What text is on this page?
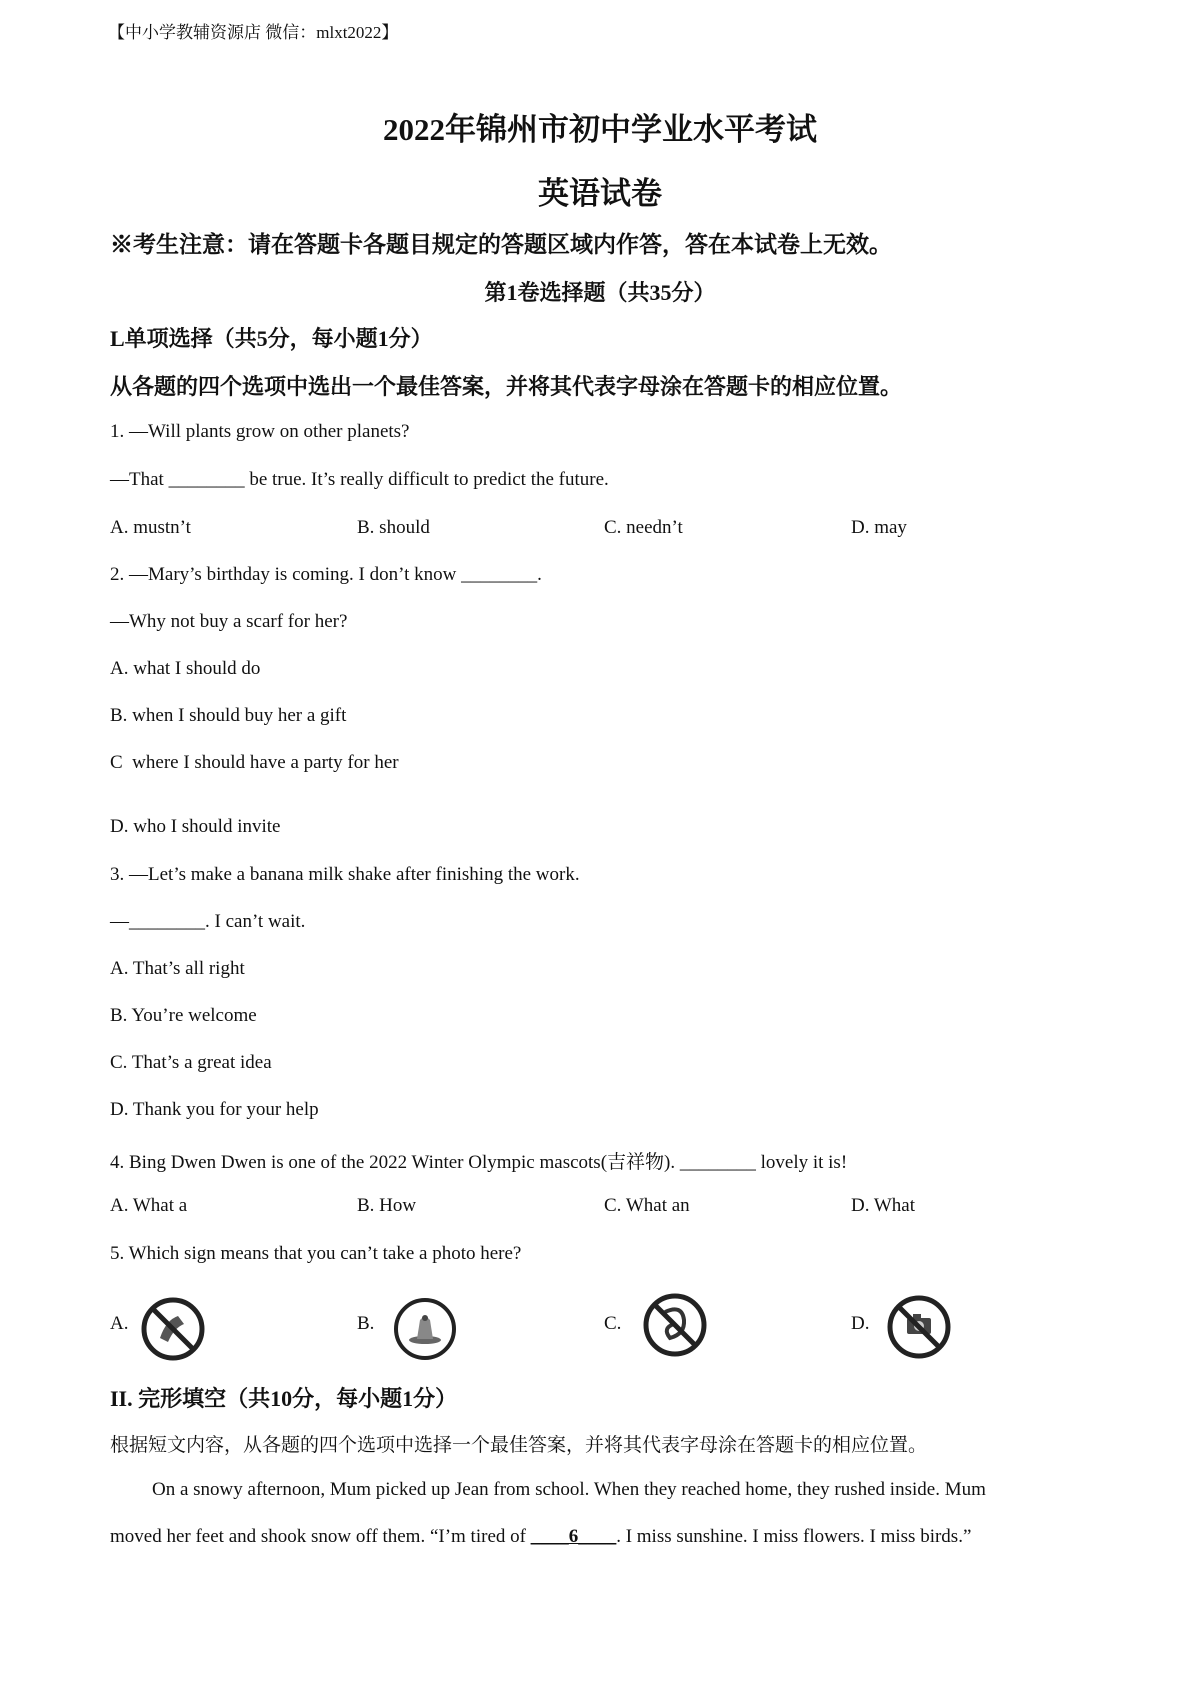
【中小学教辅资源店 微信：mlxt2022】
2022年锦州市初中学业水平考试
英语试卷
※考生注意：请在答题卡各题目规定的答题区域内作答，答在本试卷上无效。
第1卷选择题（共35分）
L单项选择（共5分，每小题1分）
从各题的四个选项中选出一个最佳答案，并将其代表字母涂在答题卡的相应位置。
1. —Will plants grow on other planets?
—That ________ be true. It’s really difficult to predict the future.
A. mustn’t	B. should	C. needn’t	D. may
2. —Mary’s birthday is coming. I don’t know ________.
—Why not buy a scarf for her?
A. what I should do
B. when I should buy her a gift
C  where I should have a party for her
D. who I should invite
3. —Let’s make a banana milk shake after finishing the work.
—________. I can’t wait.
A. That’s all right
B. You’re welcome
C. That’s a great idea
D. Thank you for your help
4. Bing Dwen Dwen is one of the 2022 Winter Olympic mascots(吉祥物). ________ lovely it is!
A. What a	B. How	C. What an	D. What
5. Which sign means that you can’t take a photo here?
A.	B.	C.	D.
II. 完形填空（共10分，每小题1分）
根据短文内容，从各题的四个选项中选择一个最佳答案，并将其代表字母涂在答题卡的相应位置。
On a snowy afternoon, Mum picked up Jean from school. When they reached home, they rushed inside. Mum
moved her feet and shook snow off them. “I’m tired of ____6____. I miss sunshine. I miss flowers. I miss birds.”
